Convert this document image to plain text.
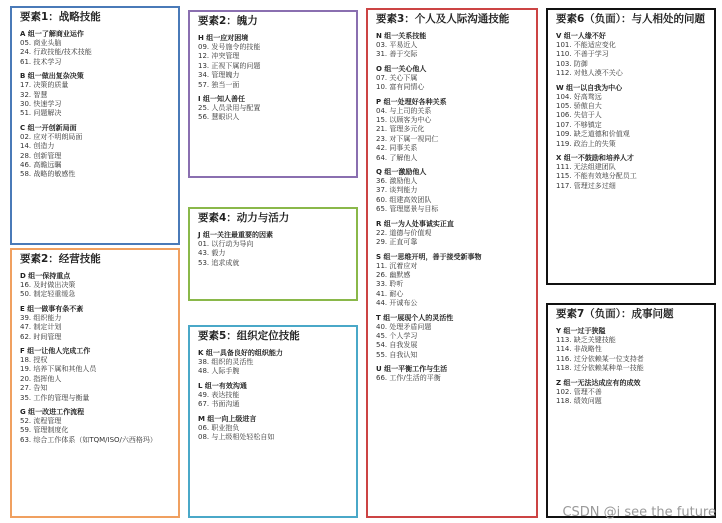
要素1：战略技能
A 组一了解商业运作
05. 商业头脑
24. 行政技能/技术技能
61. 技术学习
B 组一做出复杂决策
17. 决策的质量
32. 智慧
30. 快速学习
51. 问题解决
C 组一开创新局面
02. 应对不明朗局面
14. 创造力
28. 创新管理
46. 高瞻远瞩
58. 战略的敏感性
要素2：经营技能
D 组一保持重点
16. 及时做出决策
50. 制定轻重缓急
E 组一做事有条不紊
39. 组织能力
47. 制定计划
62. 时间管理
F 组一让他人完成工作
18. 授权
19. 培养下属和其他人员
20. 指挥他人
27. 告知
35. 工作的管理与衡量
G 组一改进工作流程
52. 流程管理
59. 管理制度化
63. 综合工作体系（如TQM/ISO/六西格玛）
要素2：魄力
H 组一应对困境
09. 发号施令的技能
12. 冲突管理
13. 正视下属的问题
34. 管理魄力
57. 独当一面
I 组一知人善任
25. 人员录用与配置
56. 慧眼识人
要素4：动力与活力
J 组一关注最重要的因素
01. 以行动为导向
43. 毅力
53. 追求成就
要素5：组织定位技能
K 组一具备良好的组织能力
38. 组织的灵活性
48. 人际手腕
L 组一有效沟通
49. 表达技能
67. 书面沟通
M 组一向上级进言
06. 职业抱负
08. 与上级相处轻松自如
要素3：个人及人际沟通技能
N 组一关系技能
03. 平易近人
31. 善于交际
O 组一关心他人
07. 关心下属
10. 富有同情心
P 组一处理好各种关系
04. 与上司的关系
15. 以顾客为中心
21. 管理多元化
23. 对下属一视同仁
42. 同事关系
64. 了解他人
Q 组一激励他人
36. 激励他人
37. 谈判能力
60. 组建高效团队
65. 管理愿景与目标
R 组一为人处事诚实正直
22. 道德与价值观
29. 正直可靠
S 组一思维开明，善于接受新事物
11. 沉着应对
26. 幽默感
33. 聆听
41. 耐心
44. 开诚布公
T 组一展现个人的灵活性
40. 处理矛盾问题
45. 个人学习
54. 自我发展
55. 自我认知
U 组一平衡工作与生活
66. 工作/生活的平衡
要素6（负面）：与人相处的问题
V 组一人缘不好
101. 不能适应变化
110. 不善于学习
103. 防御
112. 对他人漠不关心
W 组一以自我为中心
104. 好高骛远
105. 骄傲自大
106. 失信于人
107. 不够镇定
109. 缺乏道德和价值观
119. 政治上的失策
X 组一不鼓励和培养人才
111. 无法组建团队
115. 不能有效地分配员工
117. 管理过多过细
要素7（负面）：成事问题
Y 组一过于狭隘
113. 缺乏关键技能
114. 非战略性
116. 过分依赖某一位支持者
118. 过分依赖某种单一技能
Z 组一无法达成应有的成效
102. 管理不善
118. 绩效问题
CSDN @i see the future
